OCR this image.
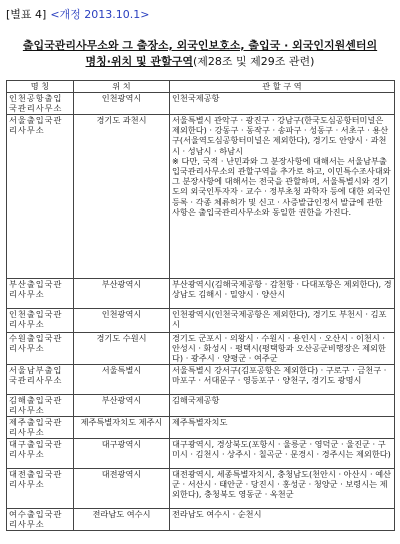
[별표 4] <개정 2013.10.1>
출입국관리사무소와 그 출장소, 외국인보호소, 출입국 · 외국인지원센터의
명칭·위치 및 관할구역(제28조 및 제29조 관련)
명 칭	위 치	관 할 구 역
인천공항출입국관리사무소	인천광역시	인천국제공항
서울출입국관리사무소	경기도 과천시	서울특별시 관악구 · 광진구 · 강남구(한국도심공항터미널은 제외한다) · 강동구 · 동작구 · 송파구 · 성동구 · 서초구 · 용산구(서울역도심공항터미널은 제외한다), 경기도 안양시 · 과천시 · 성남시 · 하남시
※ 다만, 국적 · 난민과와 그 분장사항에 대해서는 서울남부출입국관리사무소의 관할구역을 추가로 하고, 이민특수조사대와 그 분장사항에 대해서는 전국을 관할하며, 서울특별시와 경기도의 외국인투자자 · 교수 · 정부초청 과학자 등에 대한 외국인 등록 · 각종 체류허가 및 신고 · 사증발급인정서 발급에 관한 사항은 출입국관리사무소와 동일한 권한을 가진다.
부산출입국관리사무소	부산광역시	부산광역시(김해국제공항 · 감천항 · 다대포항은 제외한다), 경상남도 김해시 · 밀양시 · 양산시
인천출입국관리사무소	인천광역시	인천광역시(인천국제공항은 제외한다), 경기도 부천시 · 김포시
수원출입국관리사무소	경기도 수원시	경기도 군포시 · 의왕시 · 수원시 · 용인시 · 오산시 · 이천시 · 안성시 · 화성시 · 평택시(평택항과 오산공군비행장은 제외한다) · 광주시 · 양평군 · 여주군
서울남부출입국관리사무소	서울특별시	서울특별시 강서구(김포공항은 제외한다) · 구로구 · 금천구 · 마포구 · 서대문구 · 영등포구 · 양천구, 경기도 광명시
김해출입국관리사무소	부산광역시	김해국제공항
제주출입국관리사무소	제주특별자치도 제주시	제주특별자치도
대구출입국관리사무소	대구광역시	대구광역시, 경상북도(포항시 · 울릉군 · 영덕군 · 울진군 · 구미시 · 김천시 · 상주시 · 칠곡군 · 문경시 · 경주시는 제외한다)
대전출입국관리사무소	대전광역시	대전광역시, 세종특별자치시, 충청남도(천안시 · 아산시 · 예산군 · 서산시 · 태안군 · 당진시 · 홍성군 · 청양군 · 보령시는 제외한다), 충청북도 영동군 · 옥천군
여수출입국관리사무소	전라남도 여수시	전라남도 여수시 · 순천시
